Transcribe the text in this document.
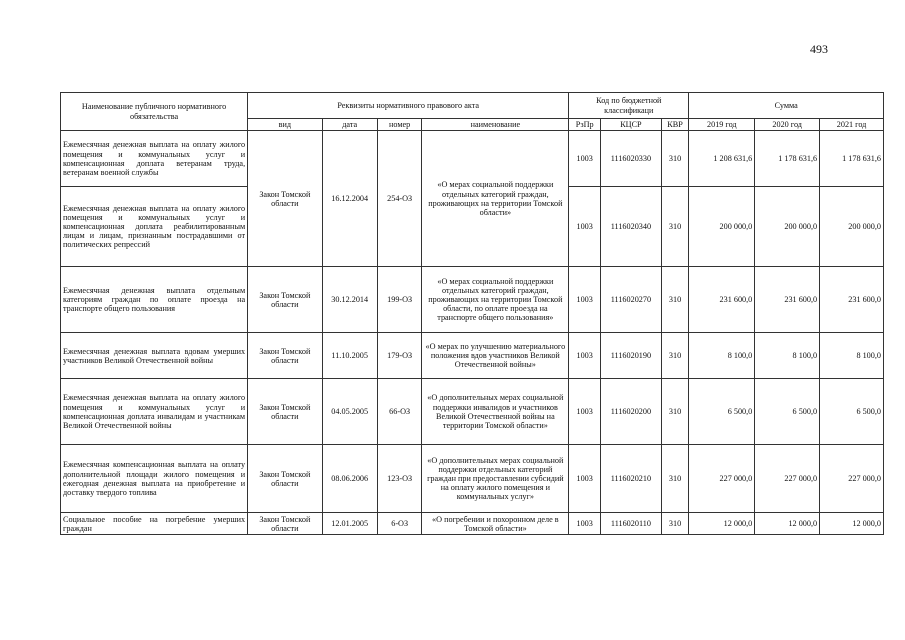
493
Наименование публичного нормативного обязательства	Реквизиты нормативного правового акта				Код по бюджетной классификаци			Сумма		
	вид	дата	номер	наименование	РзПр	КЦСР	КВР	2019 год	2020 год	2021 год
Ежемесячная денежная выплата на оплату жилого помещения и коммунальных услуг и компенсационная доплата ветеранам труда, ветеранам военной службы	Закон Томской области	16.12.2004	254-ОЗ	«О мерах социальной поддержки отдельных категорий граждан, проживающих на территории Томской области»	1003	1116020330	310	1 208 631,6	1 178 631,6	1 178 631,6
Ежемесячная денежная выплата на оплату жилого помещения и коммунальных услуг и компенсационная доплата реабилитированным лицам и лицам, признанным пострадавшими от политических репрессий					1003	1116020340	310	200 000,0	200 000,0	200 000,0
Ежемесячная денежная выплата отдельным категориям граждан по оплате проезда на транспорте общего пользования	Закон Томской области	30.12.2014	199-ОЗ	«О мерах социальной поддержки отдельных категорий граждан, проживающих на территории Томской области, по оплате проезда на транспорте общего пользования»	1003	1116020270	310	231 600,0	231 600,0	231 600,0
Ежемесячная денежная выплата вдовам умерших участников Великой Отечественной войны	Закон Томской области	11.10.2005	179-ОЗ	«О мерах по улучшению материального положения вдов участников Великой Отечественной войны»	1003	1116020190	310	8 100,0	8 100,0	8 100,0
Ежемесячная денежная выплата на оплату жилого помещения и коммунальных услуг и компенсационная доплата инвалидам и участникам Великой Отечественной войны	Закон Томской области	04.05.2005	66-ОЗ	«О дополнительных мерах социальной поддержки инвалидов и участников Великой Отечественной войны на территории Томской области»	1003	1116020200	310	6 500,0	6 500,0	6 500,0
Ежемесячная компенсационная выплата на оплату дополнительной площади жилого помещения и ежегодная денежная выплата на приобретение и доставку твердого топлива	Закон Томской области	08.06.2006	123-ОЗ	«О дополнительных мерах социальной поддержки отдельных категорий граждан при предоставлении субсидий на оплату жилого помещения и коммунальных услуг»	1003	1116020210	310	227 000,0	227 000,0	227 000,0
Социальное пособие на погребение умерших граждан	Закон Томской области	12.01.2005	6-ОЗ	«О погребении и похоронном деле в Томской области»	1003	1116020110	310	12 000,0	12 000,0	12 000,0
